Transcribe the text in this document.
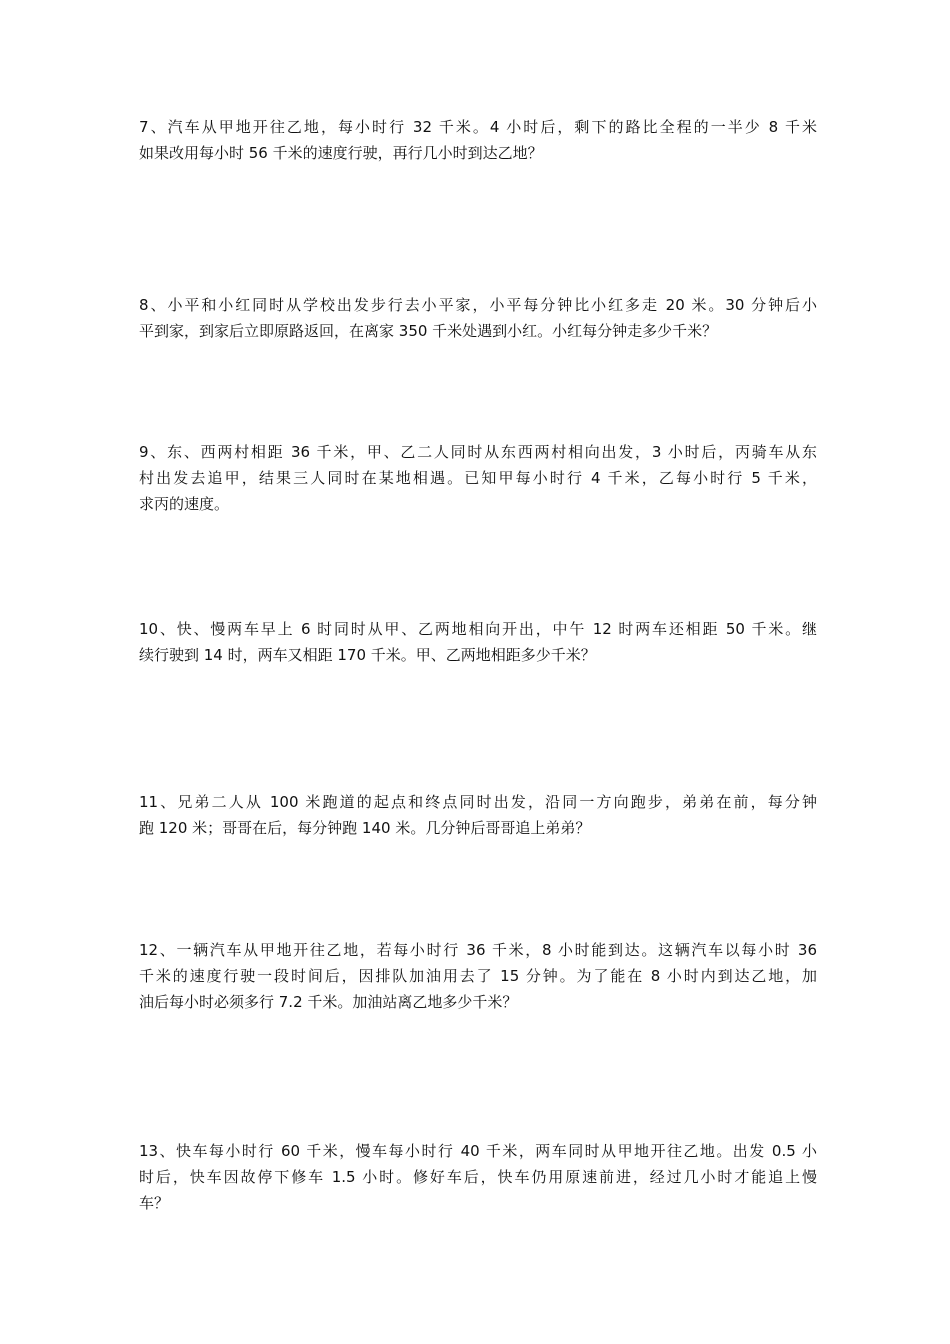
7、汽车从甲地开往乙地，每小时行 32 千米。4 小时后，剩下的路比全程的一半少 8 千米
如果改用每小时 56 千米的速度行驶，再行几小时到达乙地？
8、小平和小红同时从学校出发步行去小平家，小平每分钟比小红多走 20 米。30 分钟后小
平到家，到家后立即原路返回，在离家 350 千米处遇到小红。小红每分钟走多少千米？
9、东、西两村相距 36 千米，甲、乙二人同时从东西两村相向出发，3 小时后，丙骑车从东
村出发去追甲，结果三人同时在某地相遇。已知甲每小时行 4 千米，乙每小时行 5 千米，
求丙的速度。
10、快、慢两车早上 6 时同时从甲、乙两地相向开出，中午 12 时两车还相距 50 千米。继
续行驶到 14 时，两车又相距 170 千米。甲、乙两地相距多少千米？
11、兄弟二人从 100 米跑道的起点和终点同时出发，沿同一方向跑步，弟弟在前，每分钟
跑 120 米；哥哥在后，每分钟跑 140 米。几分钟后哥哥追上弟弟？
12、一辆汽车从甲地开往乙地，若每小时行 36 千米，8 小时能到达。这辆汽车以每小时 36
千米的速度行驶一段时间后，因排队加油用去了 15 分钟。为了能在 8 小时内到达乙地，加
油后每小时必须多行 7.2 千米。加油站离乙地多少千米？
13、快车每小时行 60 千米，慢车每小时行 40 千米，两车同时从甲地开往乙地。出发 0.5 小
时后，快车因故停下修车 1.5 小时。修好车后，快车仍用原速前进，经过几小时才能追上慢
车？
